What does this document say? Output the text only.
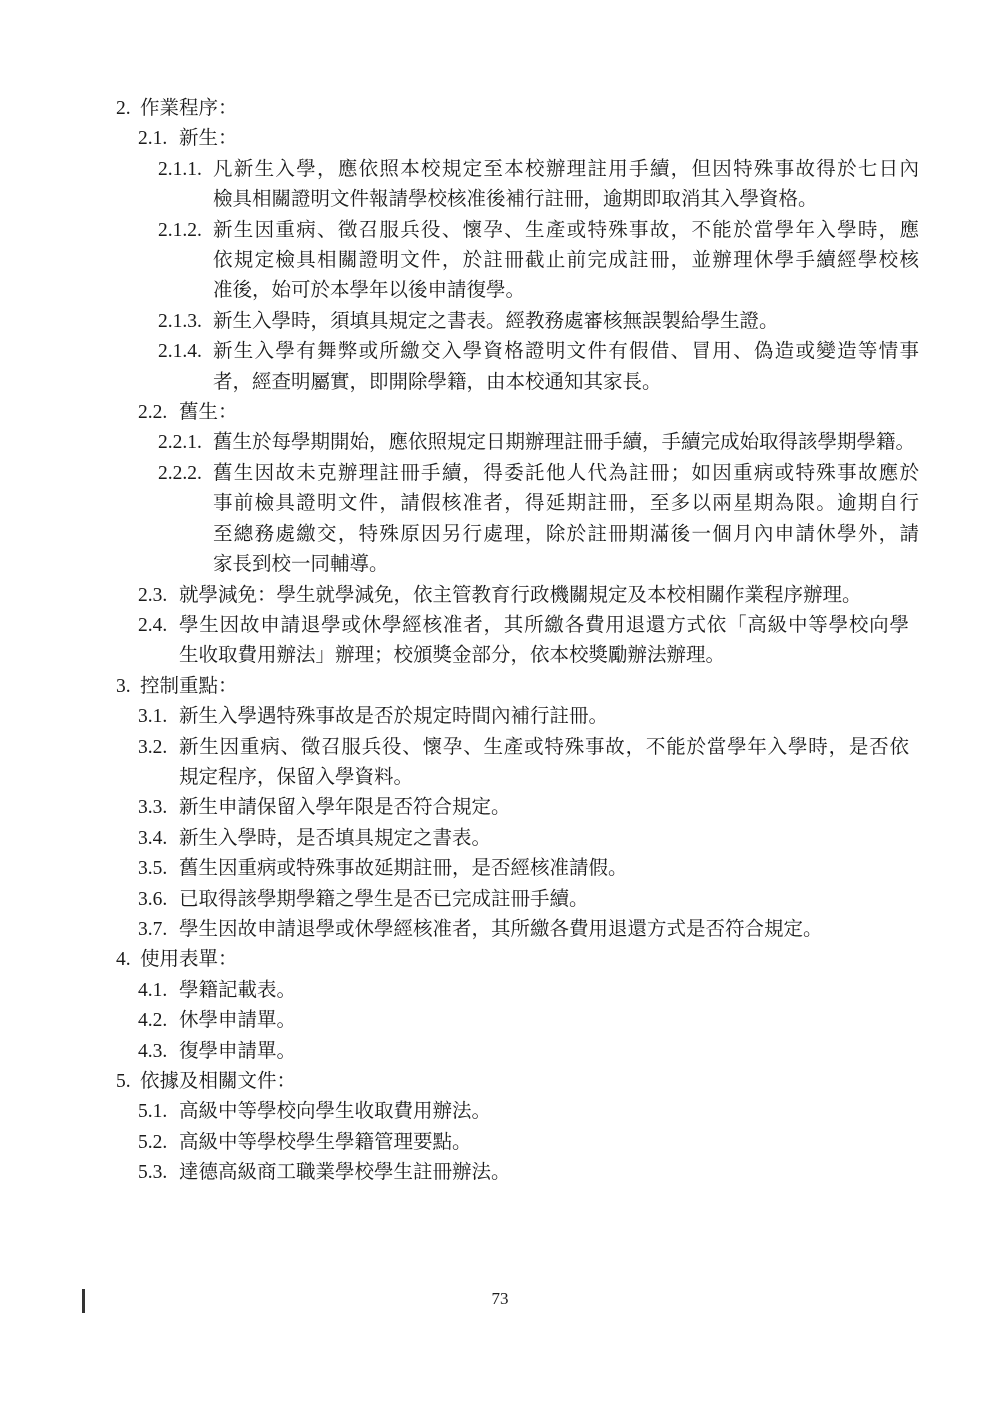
2. 作業程序：
2.1. 新生：
2.1.1. 凡新生入學，應依照本校規定至本校辦理註用手續，但因特殊事故得於七日內
檢具相關證明文件報請學校核准後補行註冊，逾期即取消其入學資格。
2.1.2. 新生因重病、徵召服兵役、懷孕、生產或特殊事故，不能於當學年入學時，應
依規定檢具相關證明文件，於註冊截止前完成註冊，並辦理休學手續經學校核
准後，始可於本學年以後申請復學。
2.1.3. 新生入學時，須填具規定之書表。經教務處審核無誤製給學生證。
2.1.4. 新生入學有舞弊或所繳交入學資格證明文件有假借、冒用、偽造或變造等情事
者，經查明屬實，即開除學籍，由本校通知其家長。
2.2. 舊生：
2.2.1. 舊生於每學期開始，應依照規定日期辦理註冊手續，手續完成始取得該學期學籍。
2.2.2. 舊生因故未克辦理註冊手續，得委託他人代為註冊；如因重病或特殊事故應於
事前檢具證明文件，請假核准者，得延期註冊，至多以兩星期為限。逾期自行
至總務處繳交，特殊原因另行處理，除於註冊期滿後一個月內申請休學外，請
家長到校一同輔導。
2.3. 就學減免：學生就學減免，依主管教育行政機關規定及本校相關作業程序辦理。
2.4. 學生因故申請退學或休學經核准者，其所繳各費用退還方式依「高級中等學校向學
生收取費用辦法」辦理；校頒獎金部分，依本校獎勵辦法辦理。
3. 控制重點：
3.1. 新生入學遇特殊事故是否於規定時間內補行註冊。
3.2. 新生因重病、徵召服兵役、懷孕、生產或特殊事故，不能於當學年入學時，是否依
規定程序，保留入學資料。
3.3. 新生申請保留入學年限是否符合規定。
3.4. 新生入學時，是否填具規定之書表。
3.5. 舊生因重病或特殊事故延期註冊，是否經核准請假。
3.6. 已取得該學期學籍之學生是否已完成註冊手續。
3.7. 學生因故申請退學或休學經核准者，其所繳各費用退還方式是否符合規定。
4. 使用表單：
4.1. 學籍記載表。
4.2. 休學申請單。
4.3. 復學申請單。
5. 依據及相關文件：
5.1. 高級中等學校向學生收取費用辦法。
5.2. 高級中等學校學生學籍管理要點。
5.3. 達德高級商工職業學校學生註冊辦法。
73
